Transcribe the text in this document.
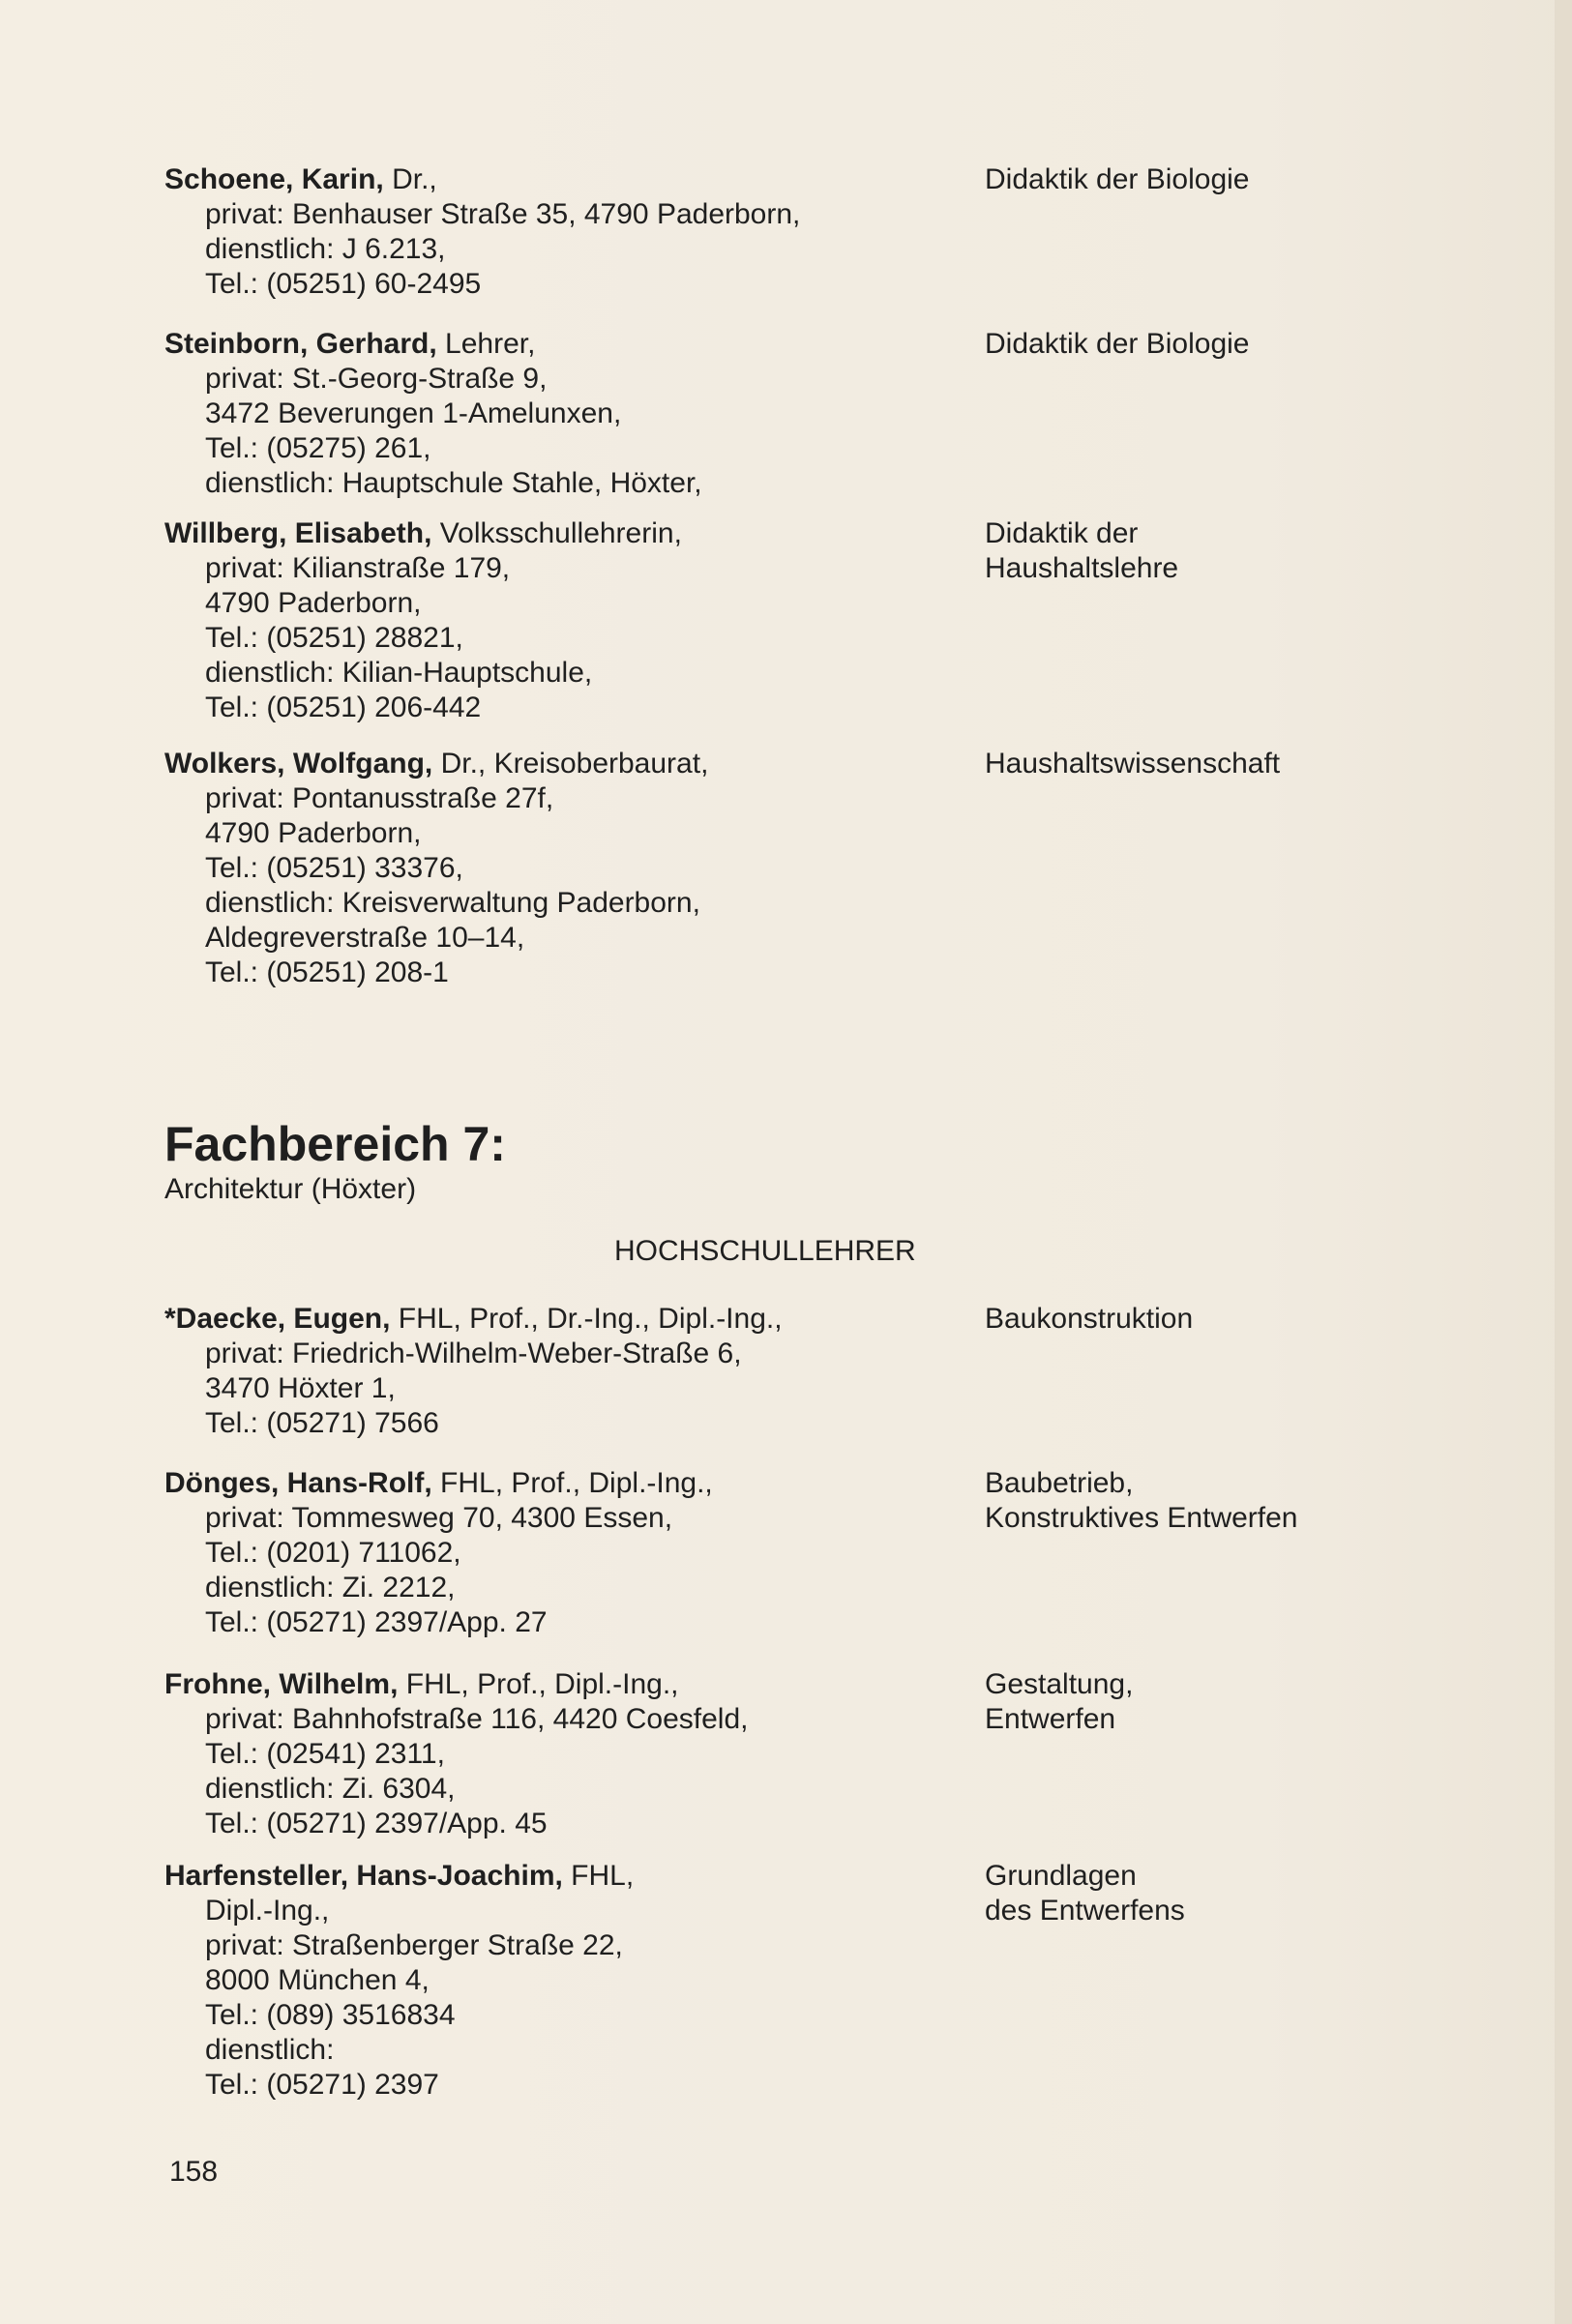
Schoene, Karin, Dr.,
privat: Benhauser Straße 35, 4790 Paderborn,
dienstlich: J 6.213,
Tel.: (05251) 60-2495
Didaktik der Biologie
Steinborn, Gerhard, Lehrer,
privat: St.-Georg-Straße 9,
3472 Beverungen 1-Amelunxen,
Tel.: (05275) 261,
dienstlich: Hauptschule Stahle, Höxter,
Didaktik der Biologie
Willberg, Elisabeth, Volksschullehrerin,
privat: Kilianstraße 179,
4790 Paderborn,
Tel.: (05251) 28821,
dienstlich: Kilian-Hauptschule,
Tel.: (05251) 206-442
Didaktik der
Haushaltslehre
Wolkers, Wolfgang, Dr., Kreisoberbaurat,
privat: Pontanusstraße 27f,
4790 Paderborn,
Tel.: (05251) 33376,
dienstlich: Kreisverwaltung Paderborn,
Aldegreverstraße 10–14,
Tel.: (05251) 208-1
Haushaltswissenschaft
Fachbereich 7:
Architektur (Höxter)
HOCHSCHULLEHRER
*Daecke, Eugen, FHL, Prof., Dr.-Ing., Dipl.-Ing.,
privat: Friedrich-Wilhelm-Weber-Straße 6,
3470 Höxter 1,
Tel.: (05271) 7566
Baukonstruktion
Dönges, Hans-Rolf, FHL, Prof., Dipl.-Ing.,
privat: Tommesweg 70, 4300 Essen,
Tel.: (0201) 711062,
dienstlich: Zi. 2212,
Tel.: (05271) 2397/App. 27
Baubetrieb,
Konstruktives Entwerfen
Frohne, Wilhelm, FHL, Prof., Dipl.-Ing.,
privat: Bahnhofstraße 116, 4420 Coesfeld,
Tel.: (02541) 2311,
dienstlich: Zi. 6304,
Tel.: (05271) 2397/App. 45
Gestaltung,
Entwerfen
Harfensteller, Hans-Joachim, FHL,
Dipl.-Ing.,
privat: Straßenberger Straße 22,
8000 München 4,
Tel.: (089) 3516834
dienstlich:
Tel.: (05271) 2397
Grundlagen
des Entwerfens
158
